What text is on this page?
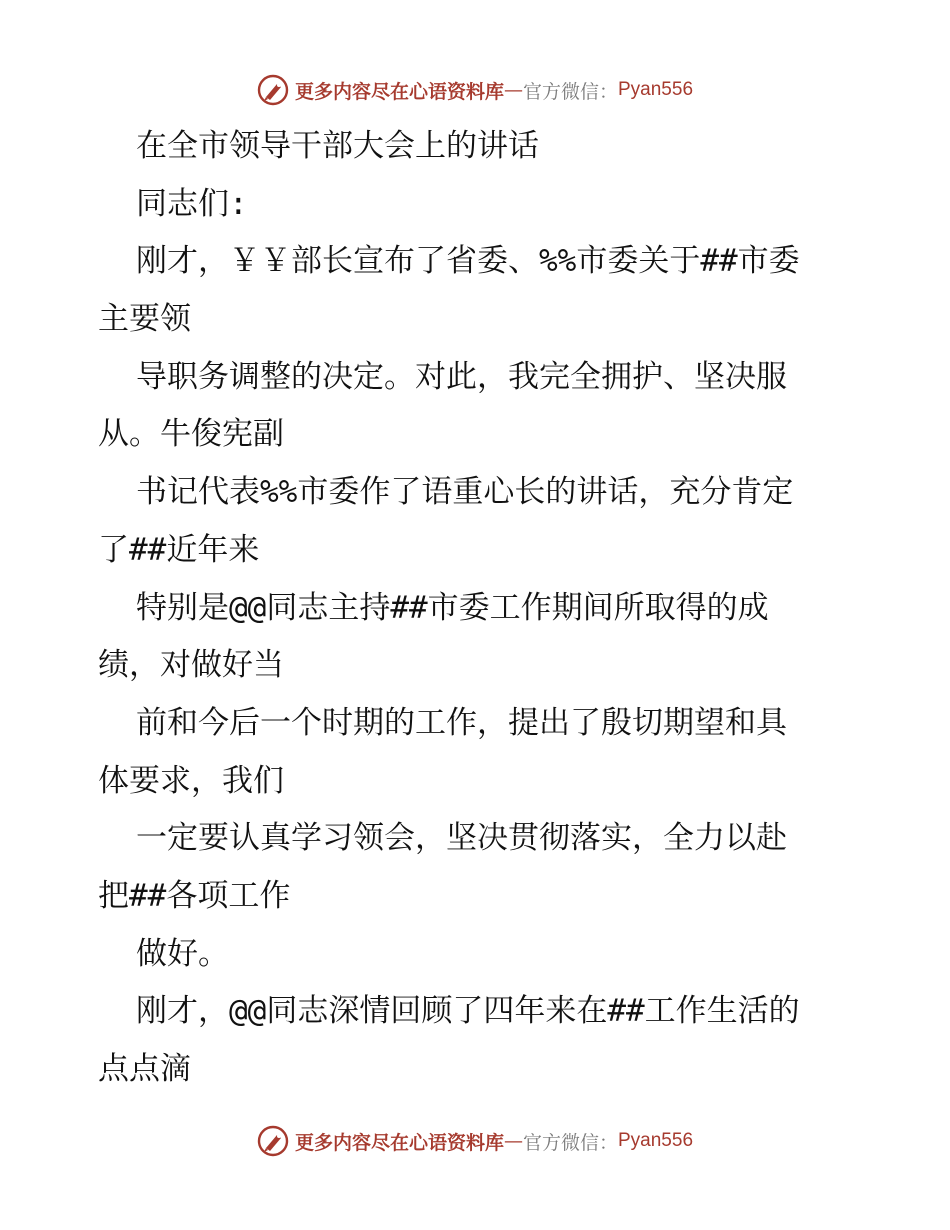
更多内容尽在心语资料库 — 官方微信： Pyan556
在全市领导干部大会上的讲话
同志们:
刚才，￥￥部长宣布了省委、%%市委关于##市委
主要领
导职务调整的决定。对此，我完全拥护、坚决服
从。牛俊宪副
书记代表%%市委作了语重心长的讲话，充分肯定
了##近年来
特别是@@同志主持##市委工作期间所取得的成
绩，对做好当
前和今后一个时期的工作，提出了殷切期望和具
体要求，我们
一定要认真学习领会，坚决贯彻落实，全力以赴
把##各项工作
做好。
刚才，@@同志深情回顾了四年来在##工作生活的
点点滴
更多内容尽在心语资料库 — 官方微信： Pyan556
